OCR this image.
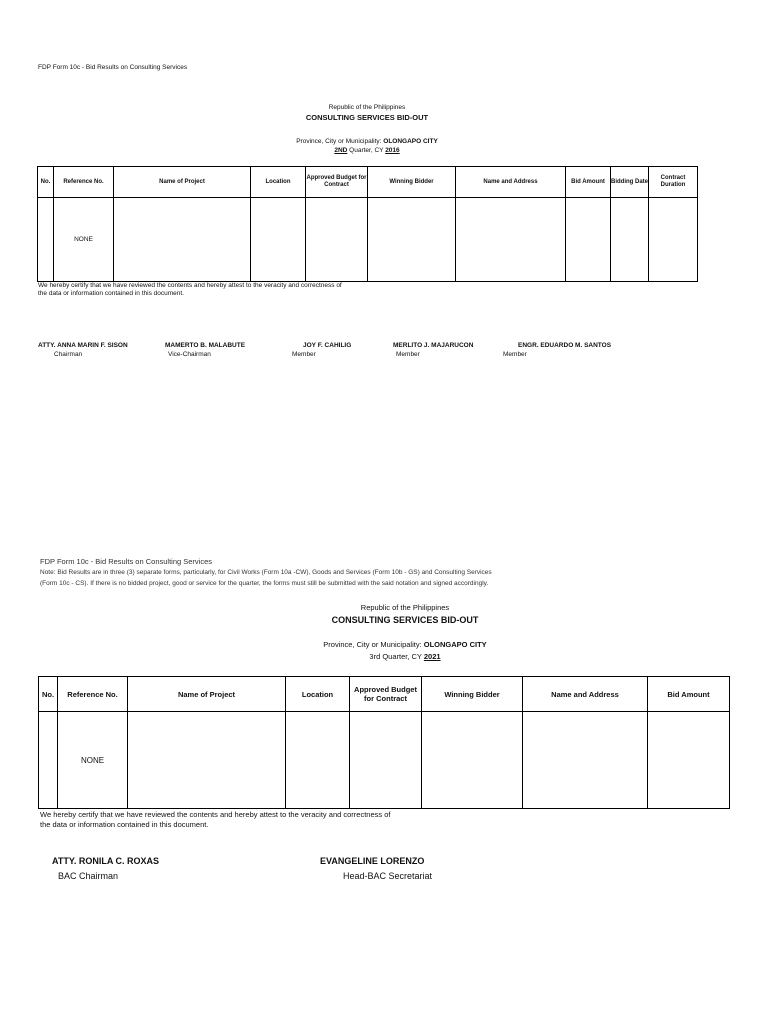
FDP Form 10c - Bid Results on Consulting Services
Republic of the Philippines
CONSULTING SERVICES BID-OUT
Province, City or Municipality: OLONGAPO CITY
2ND Quarter, CY 2016
No.	Reference No.	Name of Project	Location	Approved Budget for Contract	Winning Bidder	Name and Address	Bid Amount	Bidding Date	Contract Duration
	NONE								
We hereby certify that we have reviewed the contents and hereby attest to the veracity and correctness of
the data or information contained in this document.
ATTY. ANNA MARIN F. SISON
Chairman
MAMERTO B. MALABUTE
Vice-Chairman
JOY F. CAHILIG
Member
MERLITO J. MAJARUCON
Member
ENGR. EDUARDO M. SANTOS
Member
FDP Form 10c - Bid Results on Consulting Services
Note: Bid Results are in three (3) separate forms, particularly, for Civil Works (Form 10a -CW), Goods and Services (Form 10b - GS) and Consulting Services
(Form 10c - CS). If there is no bidded project, good or service for the quarter, the forms must still be submitted with the said notation and signed accordingly.
Republic of the Philippines
CONSULTING SERVICES BID-OUT
Province, City or Municipality: OLONGAPO CITY
3rd Quarter, CY 2021
No.	Reference No.	Name of Project	Location	Approved Budget for Contract	Winning Bidder	Name and Address	Bid Amount
	NONE						
We hereby certify that we have reviewed the contents and hereby attest to the veracity and correctness of
the data or information contained in this document.
ATTY. RONILA C. ROXAS
BAC Chairman
EVANGELINE LORENZO
Head-BAC Secretariat
